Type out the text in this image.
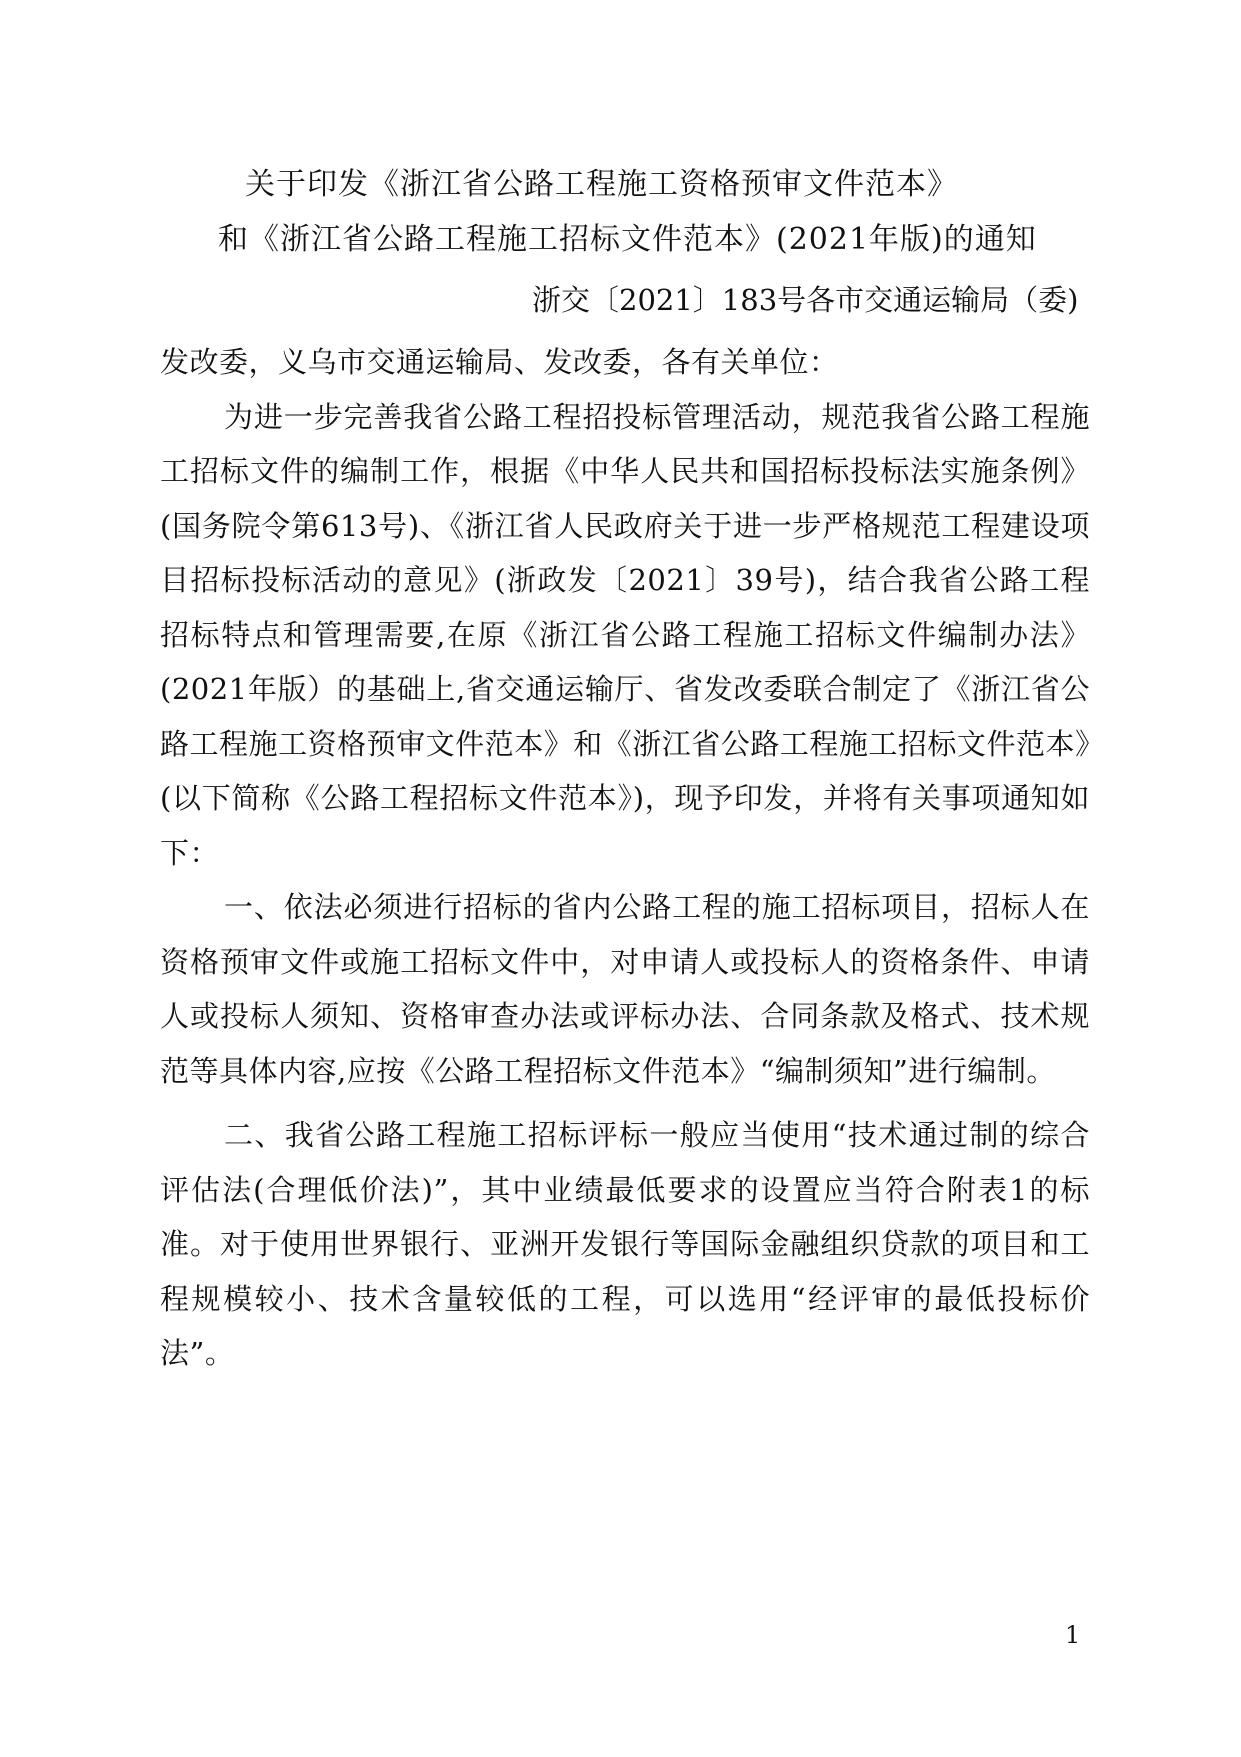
关于印发《浙江省公路工程施工资格预审文件范本》
和《浙江省公路工程施工招标文件范本》(2021年版)的通知
浙交〔2021〕183号各市交通运输局（委)

发改委，义乌市交通运输局、发改委，各有关单位：

为进一步完善我省公路工程招投标管理活动，规范我省公路工程施工招标文件的编制工作，根据《中华人民共和国招标投标法实施条例》(国务院令第613号)、《浙江省人民政府关于进一步严格规范工程建设项目招标投标活动的意见》(浙政发〔2021〕39号)，结合我省公路工程招标特点和管理需要,在原《浙江省公路工程施工招标文件编制办法》(2021年版）的基础上,省交通运输厅、省发改委联合制定了《浙江省公路工程施工资格预审文件范本》和《浙江省公路工程施工招标文件范本》(以下简称《公路工程招标文件范本》)，现予印发，并将有关事项通知如下：

一、依法必须进行招标的省内公路工程的施工招标项目，招标人在资格预审文件或施工招标文件中，对申请人或投标人的资格条件、申请人或投标人须知、资格审查办法或评标办法、合同条款及格式、技术规范等具体内容,应按《公路工程招标文件范本》“编制须知”进行编制。

二、我省公路工程施工招标评标一般应当使用“技术通过制的综合评估法(合理低价法)”，其中业绩最低要求的设置应当符合附表1的标准。对于使用世界银行、亚洲开发银行等国际金融组织贷款的项目和工程规模较小、技术含量较低的工程，可以选用“经评审的最低投标价法”。

1
